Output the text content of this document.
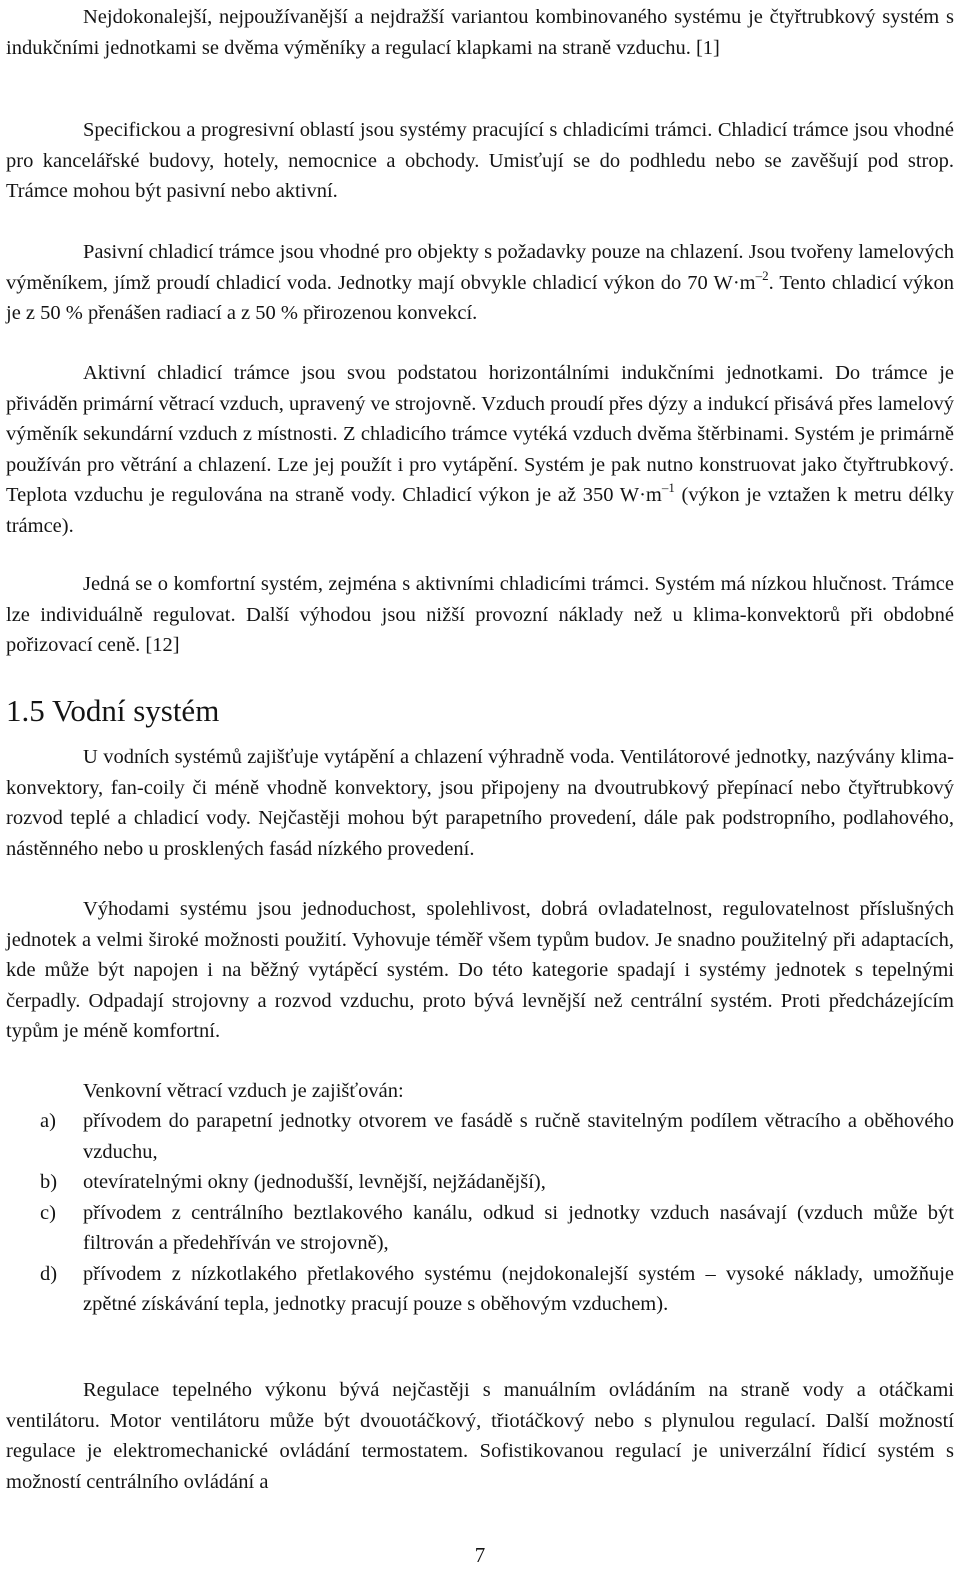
Nejdokonalejší, nejpoužívanější a nejdražší variantou kombinovaného systému je čtyřtrubkový systém s indukčními jednotkami se dvěma výměníky a regulací klapkami na straně vzduchu. [1]

Specifickou a progresivní oblastí jsou systémy pracující s chladicími trámci. Chladicí trámce jsou vhodné pro kancelářské budovy, hotely, nemocnice a obchody. Umisťují se do podhledu nebo se zavěšují pod strop. Trámce mohou být pasivní nebo aktivní.

Pasivní chladicí trámce jsou vhodné pro objekty s požadavky pouze na chlazení. Jsou tvořeny lamelových výměníkem, jímž proudí chladicí voda. Jednotky mají obvykle chladicí výkon do 70 $W\cdot m^{-2}$. Tento chladicí výkon je z 50 % přenášen radiací a z 50 % přirozenou konvekcí.

Aktivní chladicí trámce jsou svou podstatou horizontálními indukčními jednotkami. Do trámce je přiváděn primární větrací vzduch, upravený ve strojovně. Vzduch proudí přes dýzy a indukcí přisává přes lamelový výměník sekundární vzduch z místnosti. Z chladicího trámce vytéká vzduch dvěma štěrbinami. Systém je primárně používán pro větrání a chlazení. Lze jej použít i pro vytápění. Systém je pak nutno konstruovat jako čtyřtrubkový. Teplota vzduchu je regulována na straně vody. Chladicí výkon je až 350 $W\cdot m^{-1}$ (výkon je vztažen k metru délky trámce).

Jedná se o komfortní systém, zejména s aktivními chladicími trámci. Systém má nízkou hlučnost. Trámce lze individuálně regulovat. Další výhodou jsou nižší provozní náklady než u klima-konvektorů při obdobné pořizovací ceně. [12]

1.5 Vodní systém

U vodních systémů zajišťuje vytápění a chlazení výhradně voda. Ventilátorové jednotky, nazývány klima-konvektory, fan-coily či méně vhodně konvektory, jsou připojeny na dvoutrubkový přepínací nebo čtyřtrubkový rozvod teplé a chladicí vody. Nejčastěji mohou být parapetního provedení, dále pak podstropního, podlahového, nástěnného nebo u prosklených fasád nízkého provedení.

Výhodami systému jsou jednoduchost, spolehlivost, dobrá ovladatelnost, regulovatelnost příslušných jednotek a velmi široké možnosti použití. Vyhovuje téměř všem typům budov. Je snadno použitelný při adaptacích, kde může být napojen i na běžný vytápěcí systém. Do této kategorie spadají i systémy jednotek s tepelnými čerpadly. Odpadají strojovny a rozvod vzduchu, proto bývá levnější než centrální systém. Proti předcházejícím typům je méně komfortní.

Venkovní větrací vzduch je zajišťován:

a) přívodem do parapetní jednotky otvorem ve fasádě s ručně stavitelným podílem větracího a oběhového vzduchu,
b) otevíratelnými okny (jednodušší, levnější, nejžádanější),
c) přívodem z centrálního beztlakového kanálu, odkud si jednotky vzduch nasávají (vzduch může být filtrován a předehříván ve strojovně),
d) přívodem z nízkotlakého přetlakového systému (nejdokonalejší systém – vysoké náklady, umožňuje zpětné získávání tepla, jednotky pracují pouze s oběhovým vzduchem).

Regulace tepelného výkonu bývá nejčastěji s manuálním ovládáním na straně vody a otáčkami ventilátoru. Motor ventilátoru může být dvouotáčkový, třiotáčkový nebo s plynulou regulací. Další možností regulace je elektromechanické ovládání termostatem. Sofistikovanou regulací je univerzální řídicí systém s možností centrálního ovládání a

7
